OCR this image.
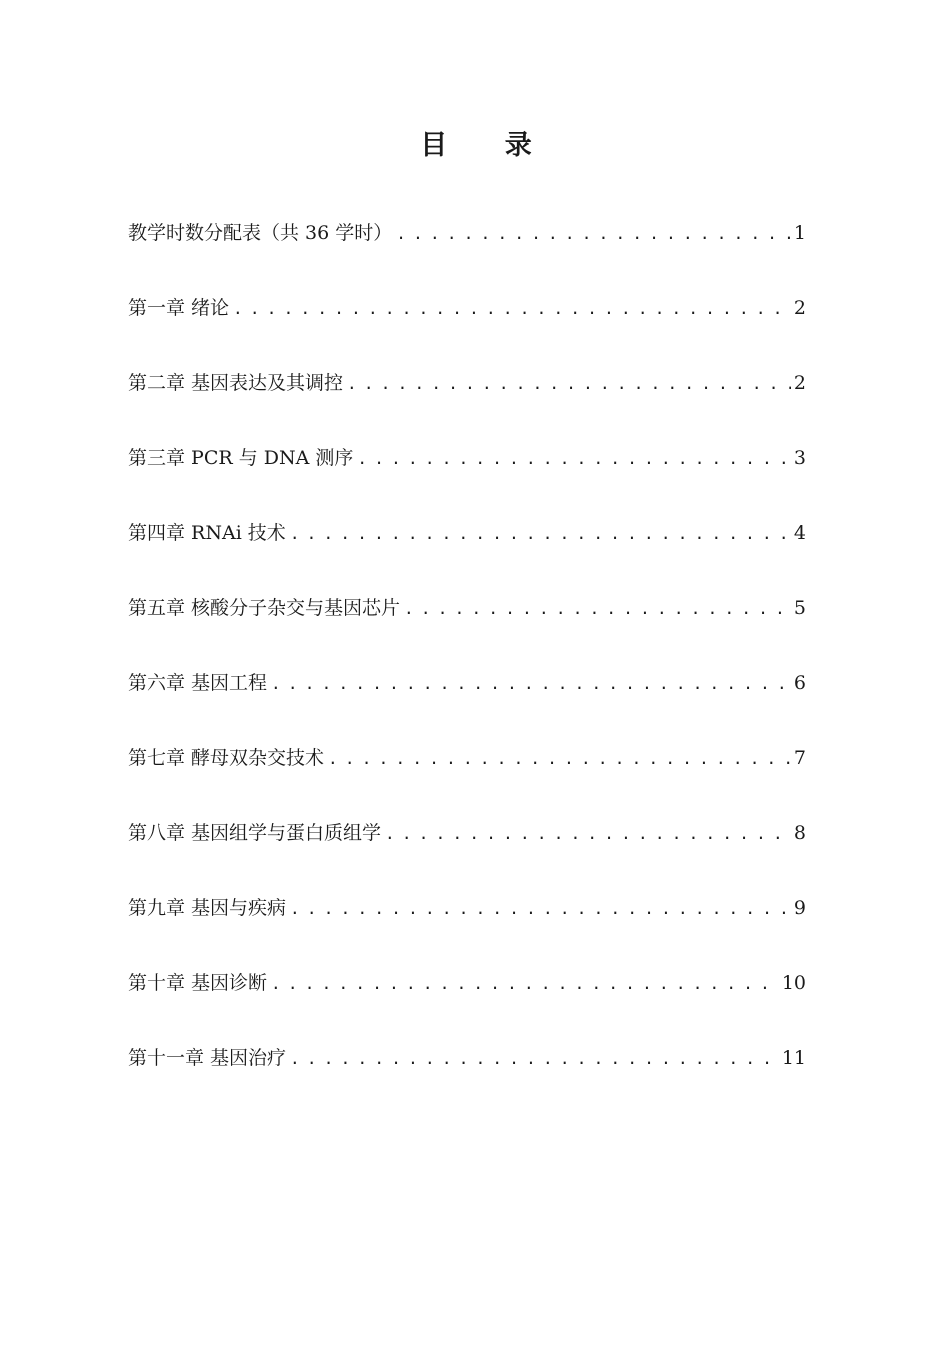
目 录
教学时数分配表（共 36 学时） . . .	1
第一章 绪论 . . .	2
第二章 基因表达及其调控 . . .	2
第三章 PCR 与 DNA 测序 . . .	3
第四章 RNAi 技术 . . .	4
第五章 核酸分子杂交与基因芯片 . . .	5
第六章 基因工程 . . .	6
第七章 酵母双杂交技术 . . .	7
第八章 基因组学与蛋白质组学 . . .	8
第九章 基因与疾病 . . .	9
第十章 基因诊断 . . .	10
第十一章 基因治疗 . . .	11
